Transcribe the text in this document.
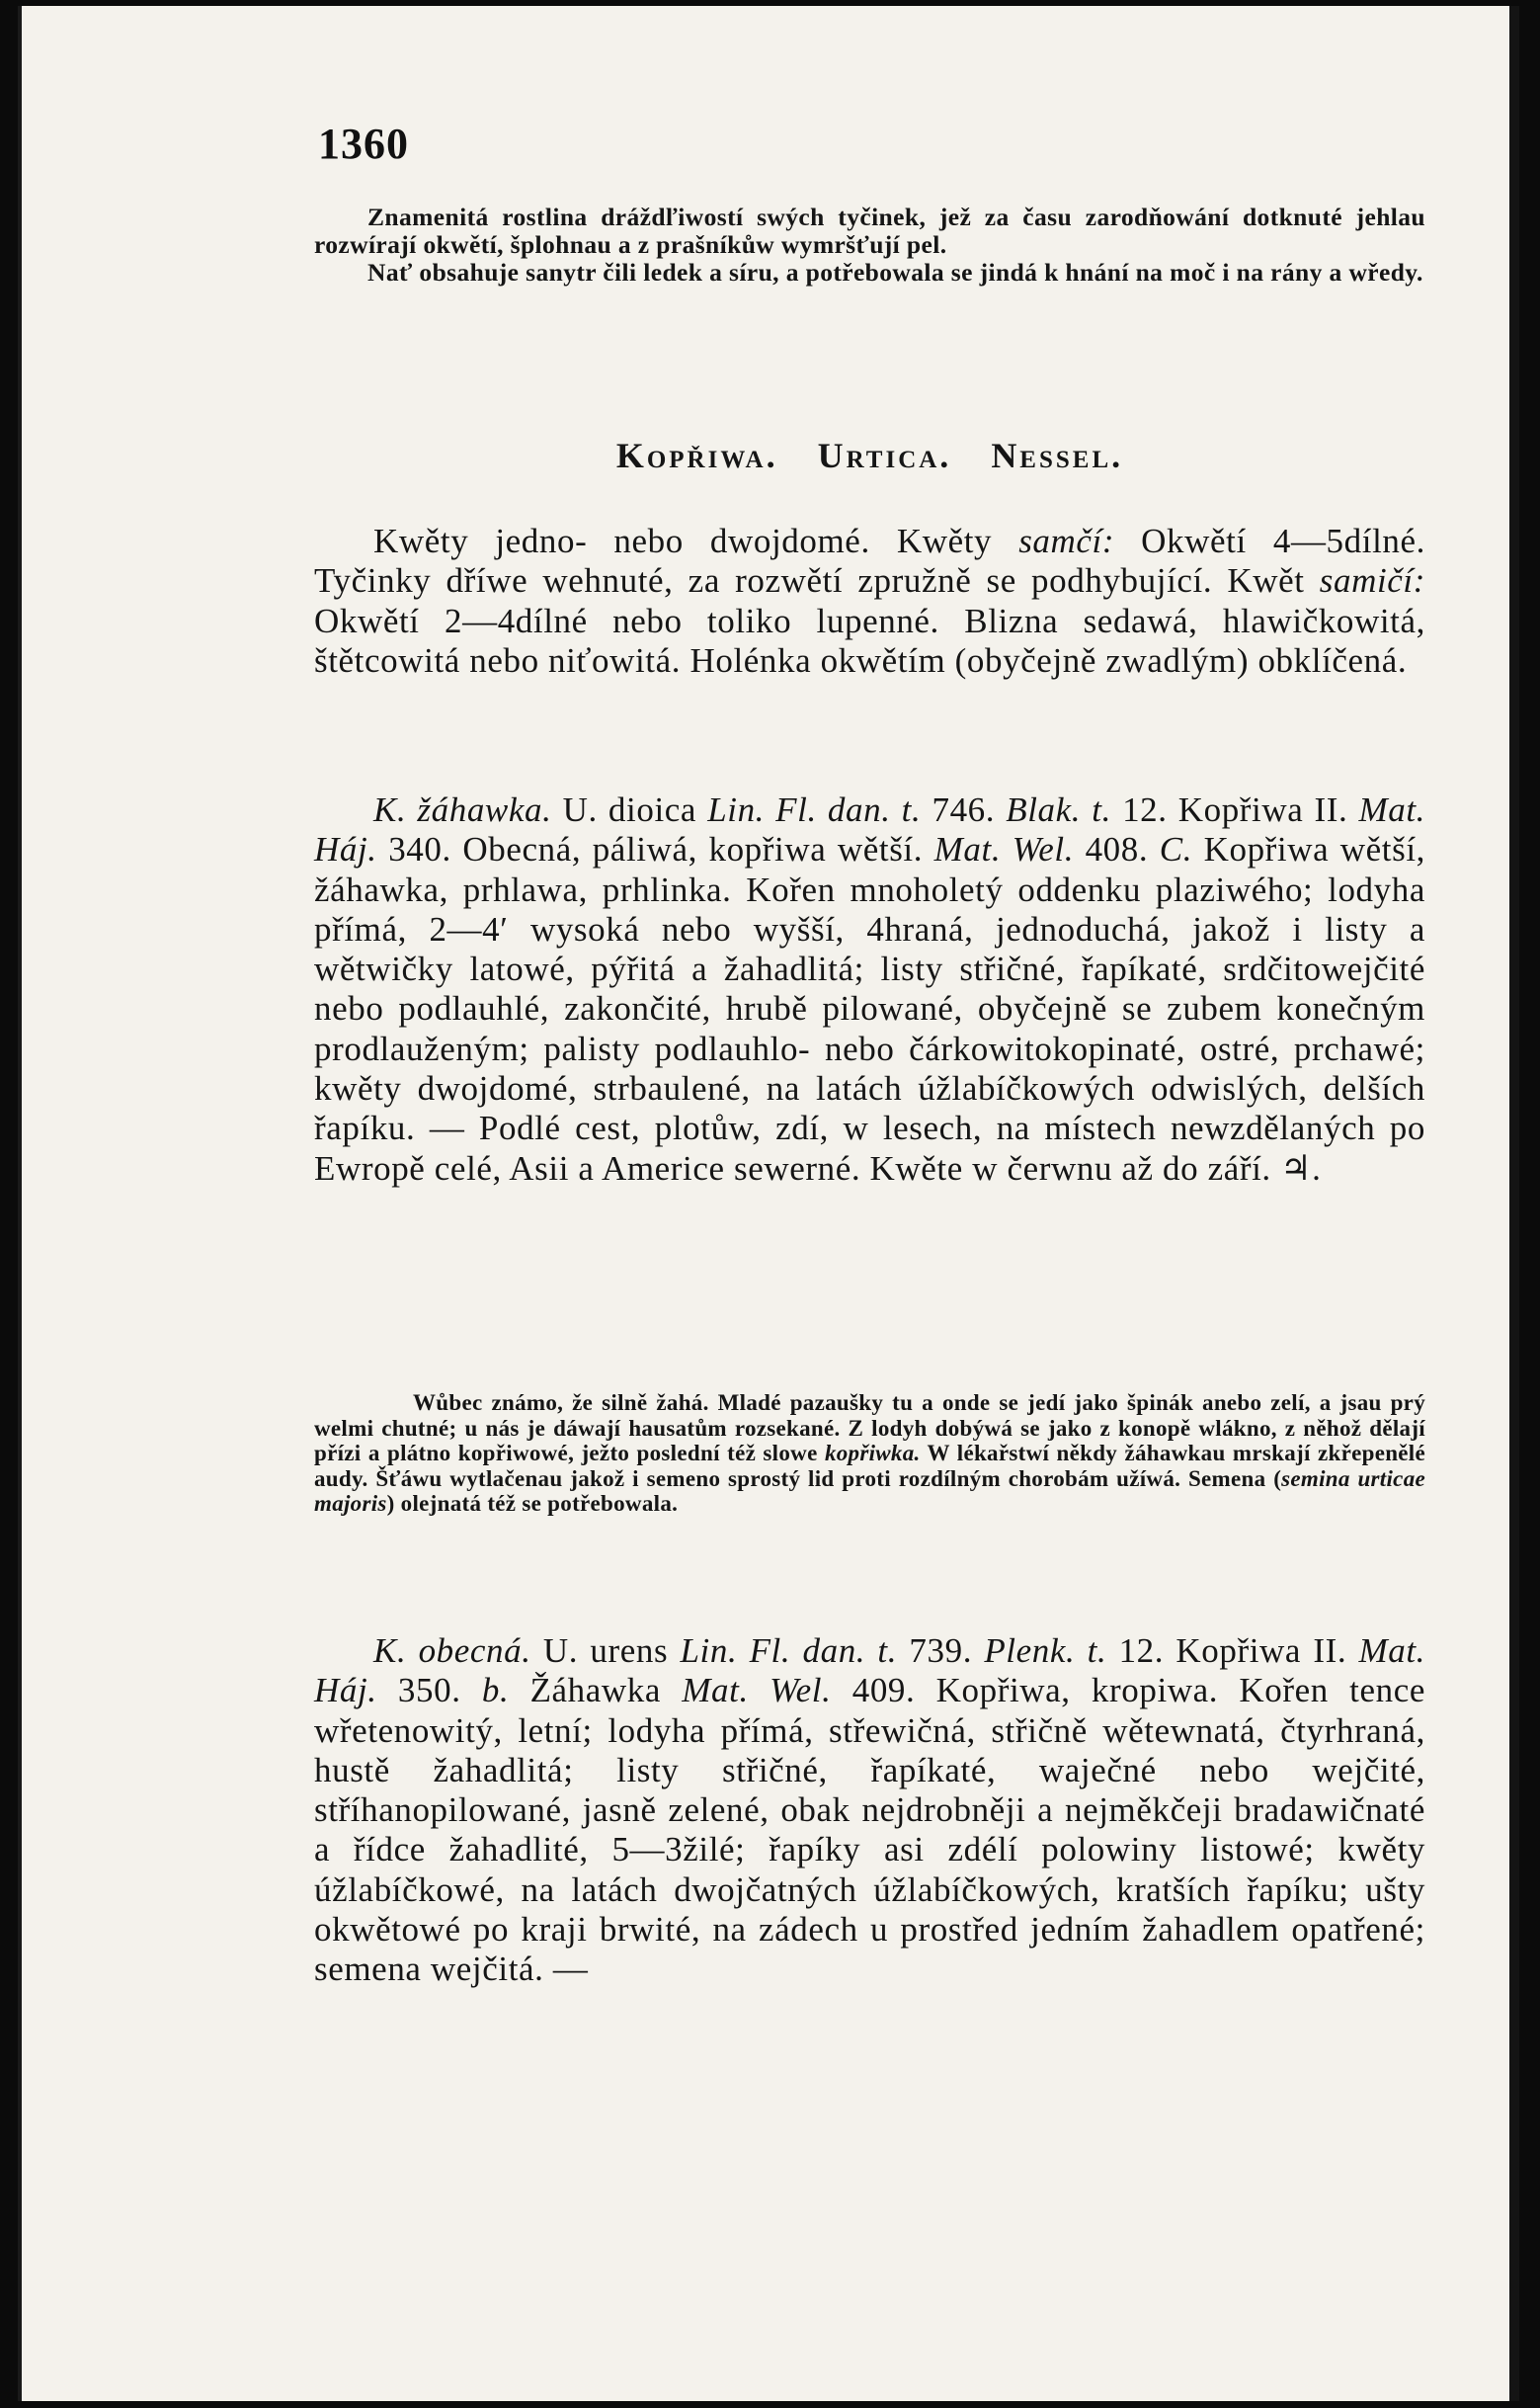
1360

Znamenitá rostlina dráždľiwostí swých tyčinek, jež za času zarodňowání dotknuté jehlau rozwírají okwětí, šplohnau a z prašníkůw wymršťují pel.

Nať obsahuje sanytr čili ledek a síru, a potřebowala se jindá k hnání na moč i na rány a wředy.

Kopřiwa. Urtica. Nessel.

Kwěty jedno- nebo dwojdomé. Kwěty samčí: Okwětí 4—5dílné. Tyčinky dříwe wehnuté, za rozwětí zpružně se podhybující. Kwět samičí: Okwětí 2—4dílné nebo toliko lupenné. Blizna sedawá, hlawičkowitá, štětcowitá nebo niťowitá. Holénka okwětím (obyčejně zwadlým) obklíčená.

K. žáhawka. U. dioica Lin. Fl. dan. t. 746. Blak. t. 12. Kopřiwa II. Mat. Háj. 340. Obecná, páliwá, kopřiwa wětší. Mat. Wel. 408. C. Kopřiwa wětší, žáhawka, prhlawa, prhlinka. Kořen mnoholetý oddenku plaziwého; lodyha přímá, 2—4′ wysoká nebo wyšší, 4hraná, jednoduchá, jakož i listy a wětwičky latowé, pýřitá a žahadlitá; listy střičné, řapíkaté, srdčitowejčité nebo podlauhlé, zakončité, hrubě pilowané, obyčejně se zubem konečným prodlauženým; palisty podlauhlo- nebo čárkowitokopinaté, ostré, prchawé; kwěty dwojdomé, strbaulené, na latách úžlabíčkowých odwislých, delších řapíku. — Podlé cest, plotůw, zdí, w lesech, na místech newzdělaných po Ewropě celé, Asii a Americe sewerné. Kwěte w čerwnu až do září. ♃.

Wůbec známo, že silně žahá. Mladé pazaušky tu a onde se jedí jako špinák anebo zelí, a jsau prý welmi chutné; u nás je dáwají hausatům rozsekané. Z lodyh dobýwá se jako z konopě wlákno, z něhož dělají přízi a plátno kopřiwowé, ježto poslední též slowe kopřiwka. W lékařstwí někdy žáhawkau mrskají zkřepenělé audy. Šťáwu wytlačenau jakož i semeno sprostý lid proti rozdílným chorobám užíwá. Semena (semina urticae majoris) olejnatá též se potřebowala.

K. obecná. U. urens Lin. Fl. dan. t. 739. Plenk. t. 12. Kopřiwa II. Mat. Háj. 350. b. Žáhawka Mat. Wel. 409. Kopřiwa, kropiwa. Kořen tence wřetenowitý, letní; lodyha přímá, střewičná, střičně wětewnatá, čtyrhraná, hustě žahadlitá; listy střičné, řapíkaté, waječné nebo wejčité, stříhanopilowané, jasně zelené, obak nejdrobněji a nejměkčeji bradawičnaté a řídce žahadlité, 5—3žilé; řapíky asi zdélí polowiny listowé; kwěty úžlabíčkowé, na latách dwojčatných úžlabíčkowých, kratších řapíku; ušty okwětowé po kraji brwité, na zádech u prostřed jedním žahadlem opatřené; semena wejčitá. —
